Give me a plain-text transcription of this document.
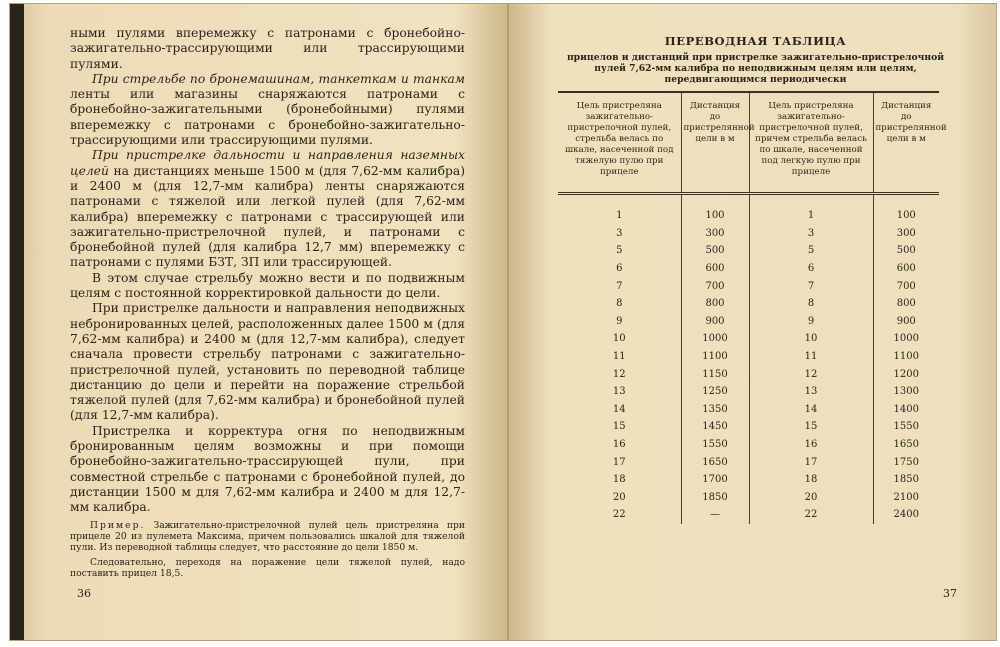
ными пулями вперемежку с патронами с бронебойно-зажигательно-трассирующими или трассирующими пулями.

При стрельбе по бронемашинам, танкеткам и танкам ленты или магазины снаряжаются патронами с бронебойно-зажигательными (бронебойными) пулями вперемежку с патронами с бронебойно-зажигательно-трассирующими или трассирующими пулями.

При пристрелке дальности и направления наземных целей на дистанциях меньше 1500 м (для 7,62-мм калибра) и 2400 м (для 12,7-мм калибра) ленты снаряжаются патронами с тяжелой или легкой пулей (для 7,62-мм калибра) вперемежку с патронами с трассирующей или зажигательно-пристрелочной пулей, и патронами с бронебойной пулей (для калибра 12,7 мм) вперемежку с патронами с пулями БЗТ, ЗП или трассирующей.

В этом случае стрельбу можно вести и по подвижным целям с постоянной корректировкой дальности до цели.

При пристрелке дальности и направления неподвижных небронированных целей, расположенных далее 1500 м (для 7,62-мм калибра) и 2400 м (для 12,7-мм калибра), следует сначала провести стрельбу патронами с зажигательно-пристрелочной пулей, установить по переводной таблице дистанцию до цели и перейти на поражение стрельбой тяжелой пулей (для 7,62-мм калибра) и бронебойной пулей (для 12,7-мм калибра).

Пристрелка и корректура огня по неподвижным бронированным целям возможны и при помощи бронебойно-зажигательно-трассирующей пули, при совместной стрельбе с патронами с бронебойной пулей, до дистанции 1500 м для 7,62-мм калибра и 2400 м для 12,7-мм калибра.

Пример. Зажигательно-пристрелочной пулей цель пристреляна при прицеле 20 из пулемета Максима, причем пользовались шкалой для тяжелой пули. Из переводной таблицы следует, что расстояние до цели 1850 м.

Следовательно, переходя на поражение цели тяжелой пулей, надо поставить прицел 18,5.

36
ПЕРЕВОДНАЯ ТАБЛИЦА
прицелов и дистанций при пристрелке зажигательно-пристрелочной пулей 7,62-мм калибра по неподвижным целям или целям, передвигающимся периодически
Цель пристреляна зажигательно-пристрелочной пулей, стрельба велась по шкале, насеченной под тяжелую пулю при прицеле	Дистанция до пристрелянной цели в м	Цель пристреляна зажигательно-пристрелочной пулей, причем стрельба велась по шкале, насеченной под легкую пулю при прицеле	Дистанция до пристрелянной цели в м
1	100	1	100
3	300	3	300
5	500	5	500
6	600	6	600
7	700	7	700
8	800	8	800
9	900	9	900
10	1000	10	1000
11	1100	11	1100
12	1150	12	1200
13	1250	13	1300
14	1350	14	1400
15	1450	15	1550
16	1550	16	1650
17	1650	17	1750
18	1700	18	1850
20	1850	20	2100
22	—	22	2400
37
